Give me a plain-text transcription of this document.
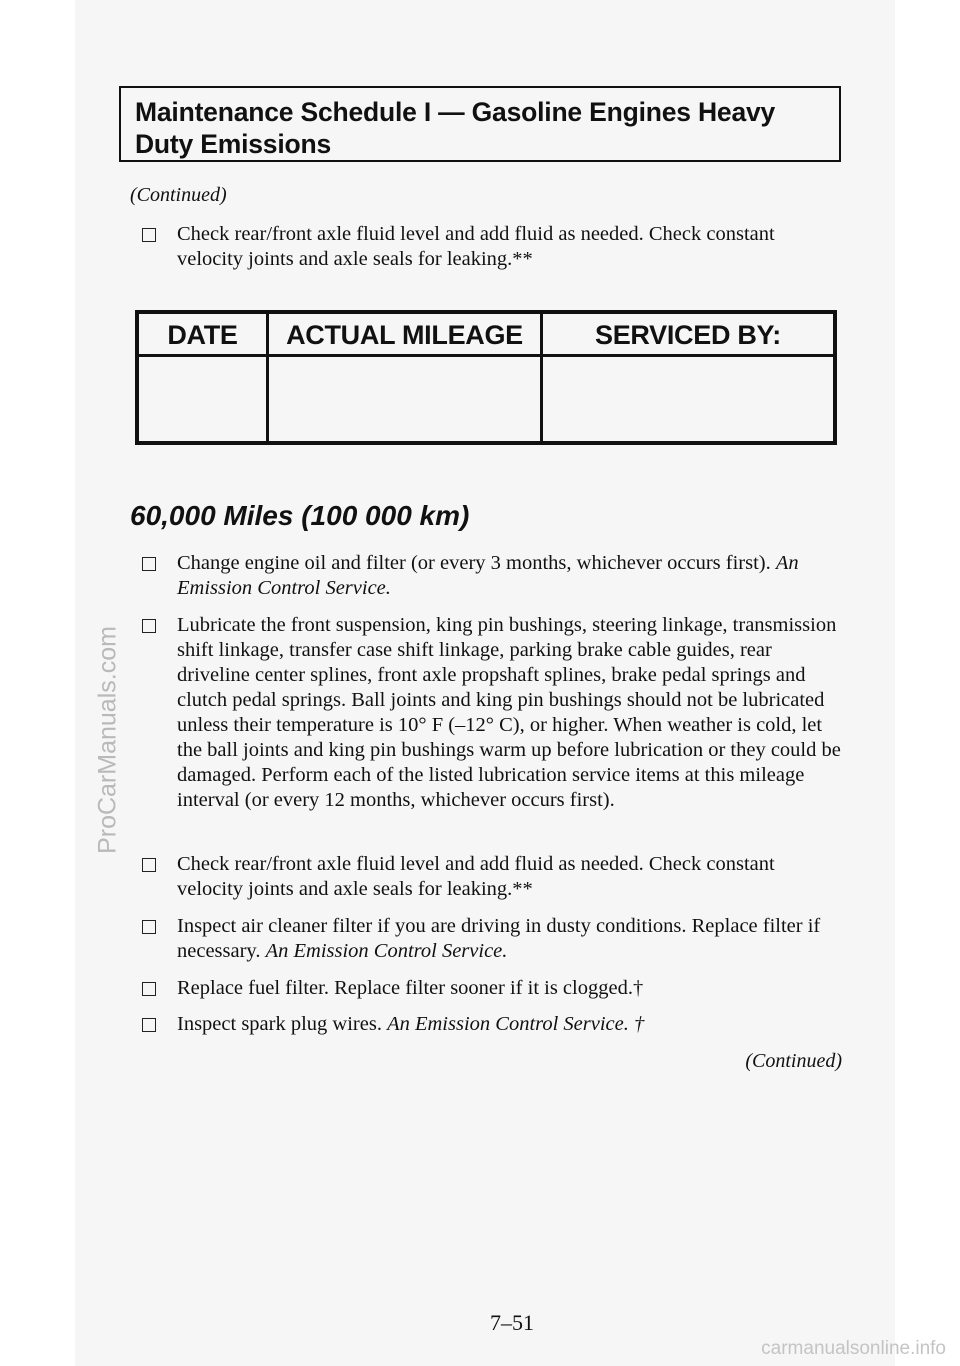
ProCarManuals.com
Maintenance Schedule I — Gasoline Engines Heavy Duty Emissions
(Continued)
Check rear/front axle fluid level and add fluid as needed. Check constant velocity joints and axle seals for leaking.**
DATE	ACTUAL MILEAGE	SERVICED BY:
60,000 Miles (100 000 km)
Change engine oil and filter (or every 3 months, whichever occurs first). An Emission Control Service.
Lubricate the front suspension, king pin bushings, steering linkage, transmission shift linkage, transfer case shift linkage, parking brake cable guides, rear driveline center splines, front axle propshaft splines, brake pedal springs and clutch pedal springs. Ball joints and king pin bushings should not be lubricated unless their temperature is 10° F (–12° C), or higher. When weather is cold, let the ball joints and king pin bushings warm up before lubrication or they could be damaged. Perform each of the listed lubrication service items at this mileage interval (or every 12 months, whichever occurs first).
Check rear/front axle fluid level and add fluid as needed. Check constant velocity joints and axle seals for leaking.**
Inspect air cleaner filter if you are driving in dusty conditions. Replace filter if necessary. An Emission Control Service.
Replace fuel filter. Replace filter sooner if it is clogged.†
Inspect spark plug wires. An Emission Control Service. †
(Continued)
7–51
carmanualsonline.info
